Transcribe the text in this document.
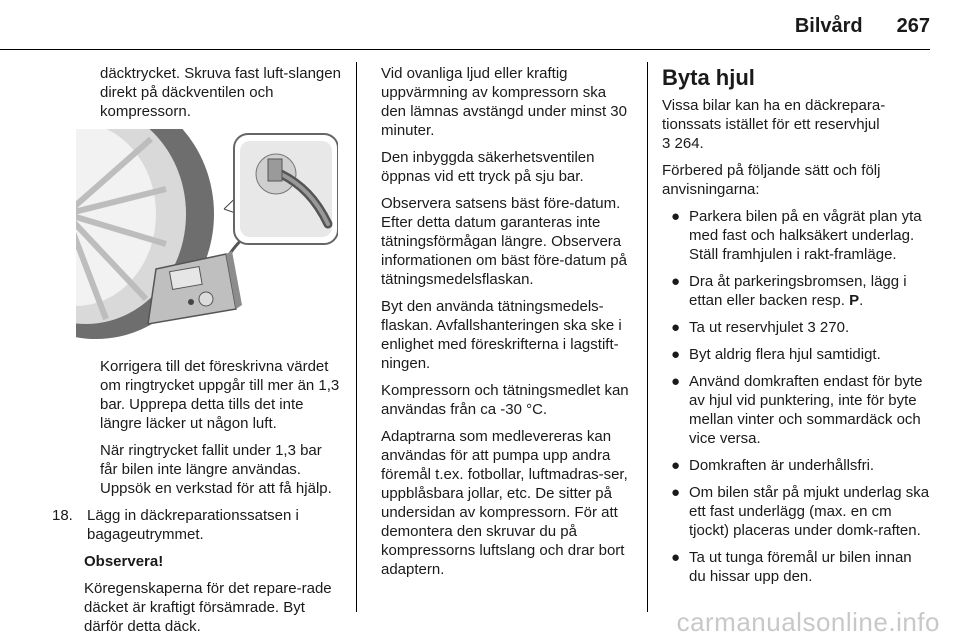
Bilvård 267

däcktrycket. Skruva fast luft-slangen direkt på däckventilen och kompressorn.

Korrigera till det föreskrivna värdet om ringtrycket uppgår till mer än 1,3 bar. Upprepa detta tills det inte längre läcker ut någon luft.

När ringtrycket fallit under 1,3 bar får bilen inte längre användas. Uppsök en verkstad för att få hjälp.

18. Lägg in däckreparationssatsen i bagageutrymmet.

Observera!

Köregenskaperna för det repare-rade däcket är kraftigt försämrade. Byt därför detta däck.

Vid ovanliga ljud eller kraftig uppvärmning av kompressorn ska den lämnas avstängd under minst 30 minuter.

Den inbyggda säkerhetsventilen öppnas vid ett tryck på sju bar.

Observera satsens bäst före-datum. Efter detta datum garanteras inte tätningsförmågan längre. Observera informationen om bäst före-datum på tätningsmedelsflaskan.

Byt den använda tätningsmedels-flaskan. Avfallshanteringen ska ske i enlighet med föreskrifterna i lagstift-ningen.

Kompressorn och tätningsmedlet kan användas från ca -30 °C.

Adaptrarna som medlevereras kan användas för att pumpa upp andra föremål t.ex. fotbollar, luftmadras-ser, uppblåsbara jollar, etc. De sitter på undersidan av kompressorn. För att demontera den skruvar du på kompressorns luftslang och drar bort adaptern.

Byta hjul

Vissa bilar kan ha en däckrepara-tionssats istället för ett reservhjul
3 264.

Förbered på följande sätt och följ anvisningarna:

● Parkera bilen på en vågrät plan yta med fast och halksäkert underlag. Ställ framhjulen i rakt-framläge.
● Dra åt parkeringsbromsen, lägg i ettan eller backen resp. P.
● Ta ut reservhjulet 3 270.
● Byt aldrig flera hjul samtidigt.
● Använd domkraften endast för byte av hjul vid punktering, inte för byte mellan vinter och sommardäck och vice versa.
● Domkraften är underhållsfri.
● Om bilen står på mjukt underlag ska ett fast underlägg (max. en cm tjockt) placeras under domk-raften.
● Ta ut tunga föremål ur bilen innan du hissar upp den.
carmanualsonline.info
